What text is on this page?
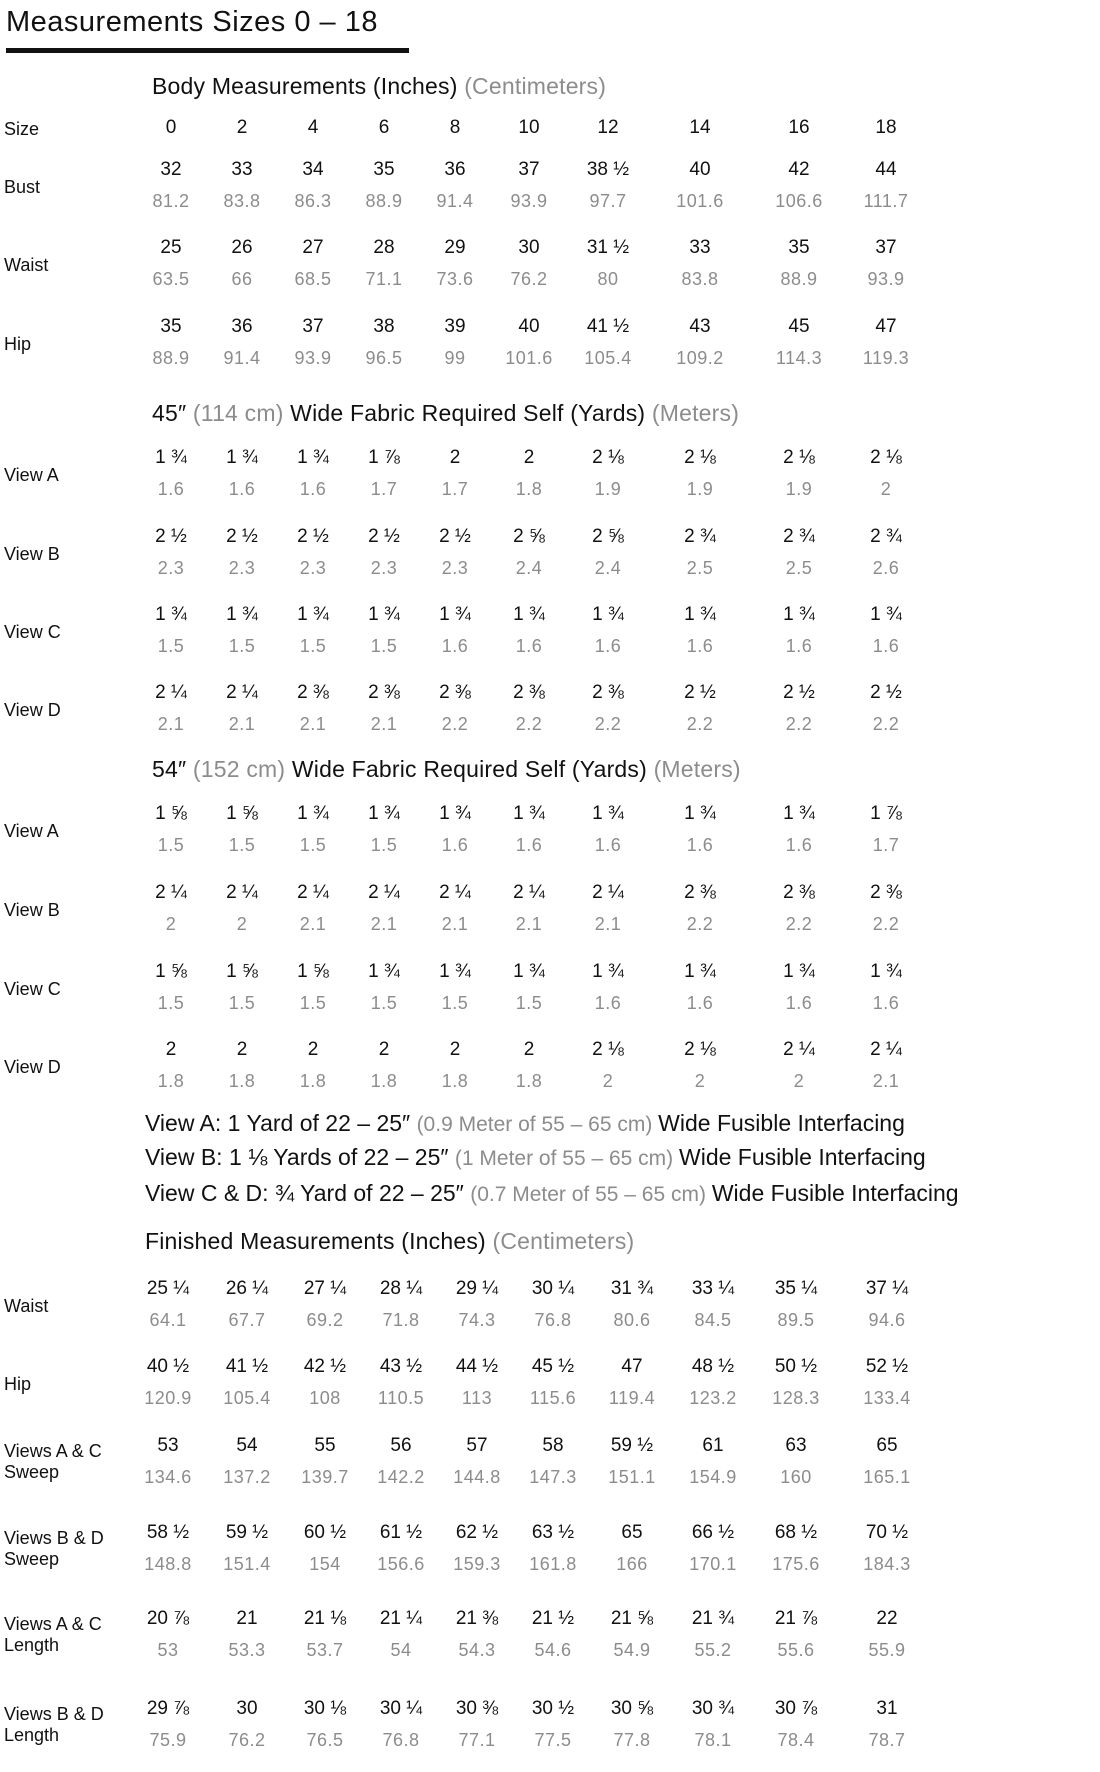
Measurements Sizes 0 – 18
Body Measurements (Inches) (Centimeters)
Size	0	2	4	6	8	10	12	14	16	18
Bust
32	33	34	35	36	37	38 ½	40	42	44
81.2	83.8	86.3	88.9	91.4	93.9	97.7	101.6	106.6	111.7
Waist
25	26	27	28	29	30	31 ½	33	35	37
63.5	66	68.5	71.1	73.6	76.2	80	83.8	88.9	93.9
Hip
35	36	37	38	39	40	41 ½	43	45	47
88.9	91.4	93.9	96.5	99	101.6	105.4	109.2	114.3	119.3
45″ (114 cm) Wide Fabric Required Self (Yards) (Meters)
View A
1 ¾	1 ¾	1 ¾	1 ⅞	2	2	2 ⅛	2 ⅛	2 ⅛	2 ⅛
1.6	1.6	1.6	1.7	1.7	1.8	1.9	1.9	1.9	2
View B
2 ½	2 ½	2 ½	2 ½	2 ½	2 ⅝	2 ⅝	2 ¾	2 ¾	2 ¾
2.3	2.3	2.3	2.3	2.3	2.4	2.4	2.5	2.5	2.6
View C
1 ¾	1 ¾	1 ¾	1 ¾	1 ¾	1 ¾	1 ¾	1 ¾	1 ¾	1 ¾
1.5	1.5	1.5	1.5	1.6	1.6	1.6	1.6	1.6	1.6
View D
2 ¼	2 ¼	2 ⅜	2 ⅜	2 ⅜	2 ⅜	2 ⅜	2 ½	2 ½	2 ½
2.1	2.1	2.1	2.1	2.2	2.2	2.2	2.2	2.2	2.2
54″ (152 cm) Wide Fabric Required Self (Yards) (Meters)
View A
1 ⅝	1 ⅝	1 ¾	1 ¾	1 ¾	1 ¾	1 ¾	1 ¾	1 ¾	1 ⅞
1.5	1.5	1.5	1.5	1.6	1.6	1.6	1.6	1.6	1.7
View B
2 ¼	2 ¼	2 ¼	2 ¼	2 ¼	2 ¼	2 ¼	2 ⅜	2 ⅜	2 ⅜
2	2	2.1	2.1	2.1	2.1	2.1	2.2	2.2	2.2
View C
1 ⅝	1 ⅝	1 ⅝	1 ¾	1 ¾	1 ¾	1 ¾	1 ¾	1 ¾	1 ¾
1.5	1.5	1.5	1.5	1.5	1.5	1.6	1.6	1.6	1.6
View D
2	2	2	2	2	2	2 ⅛	2 ⅛	2 ¼	2 ¼
1.8	1.8	1.8	1.8	1.8	1.8	2	2	2	2.1
Finished Measurements (Inches) (Centimeters)
Waist
25 ¼	26 ¼	27 ¼	28 ¼	29 ¼	30 ¼	31 ¾	33 ¼	35 ¼	37 ¼
64.1	67.7	69.2	71.8	74.3	76.8	80.6	84.5	89.5	94.6
Hip
40 ½	41 ½	42 ½	43 ½	44 ½	45 ½	47	48 ½	50 ½	52 ½
120.9	105.4	108	110.5	113	115.6	119.4	123.2	128.3	133.4
Views A & C
Sweep
53	54	55	56	57	58	59 ½	61	63	65
134.6	137.2	139.7	142.2	144.8	147.3	151.1	154.9	160	165.1
Views B & D
Sweep
58 ½	59 ½	60 ½	61 ½	62 ½	63 ½	65	66 ½	68 ½	70 ½
148.8	151.4	154	156.6	159.3	161.8	166	170.1	175.6	184.3
Views A & C
Length
20 ⅞	21	21 ⅛	21 ¼	21 ⅜	21 ½	21 ⅝	21 ¾	21 ⅞	22
53	53.3	53.7	54	54.3	54.6	54.9	55.2	55.6	55.9
Views B & D
Length
29 ⅞	30	30 ⅛	30 ¼	30 ⅜	30 ½	30 ⅝	30 ¾	30 ⅞	31
75.9	76.2	76.5	76.8	77.1	77.5	77.8	78.1	78.4	78.7
View A: 1 Yard of 22 – 25″ (0.9 Meter of 55 – 65 cm) Wide Fusible Interfacing
View B: 1 ⅛ Yards of 22 – 25″ (1 Meter of 55 – 65 cm) Wide Fusible Interfacing
View C & D: ¾ Yard of 22 – 25″ (0.7 Meter of 55 – 65 cm) Wide Fusible Interfacing
